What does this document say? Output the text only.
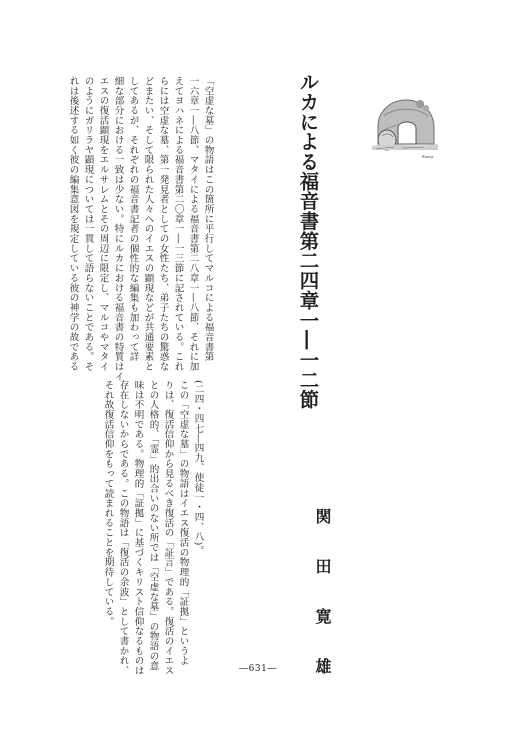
ルカによる福音書第二四章一―一二節	Kanay
(二四・四七―四九、使徒一・四、八)。
この「空虚な墓」の物語はイエス復活の物理的「証拠」というよ
りは、復活信仰から見るべき復活の「証言」である。復活のイエス
との人格的、「霊」的出合いのない所では「空虚な墓」の物語の意
味は不明である。物理的「証拠」に基づくキリスト信仰なるものは
存在しないからである。この物語は「復活の余波」として書かれ、
それ故復活信仰をもって読まれることを期待している。	関　田　寛　雄
「空虚な墓」の物語はこの箇所に平行してマルコによる福音書第
一六章一―八節、マタイによる福音書第二八章一―八節、それに加
えてヨハネによる福音書第二〇章一―一三節に記されている。これ
らには空虚な墓、第一発見者としての女性たち、弟子たちの驚惑な
どまたい、そして限られた人々へのイエスの顕現などが共通要素と
してあるが、それぞれの福音書記者の個性的な編集も加わって詳
細な部分における一致は少ない。特にルカにおける福音書の特質はイ
エスの復活顕現をエルサレムとその周辺に限定し、マルコやマタイ
のようにガリラヤ顕現については一貫して語らないことである。そ
れは後述する如く彼の編集意図を規定している彼の神学の故である
―631―
